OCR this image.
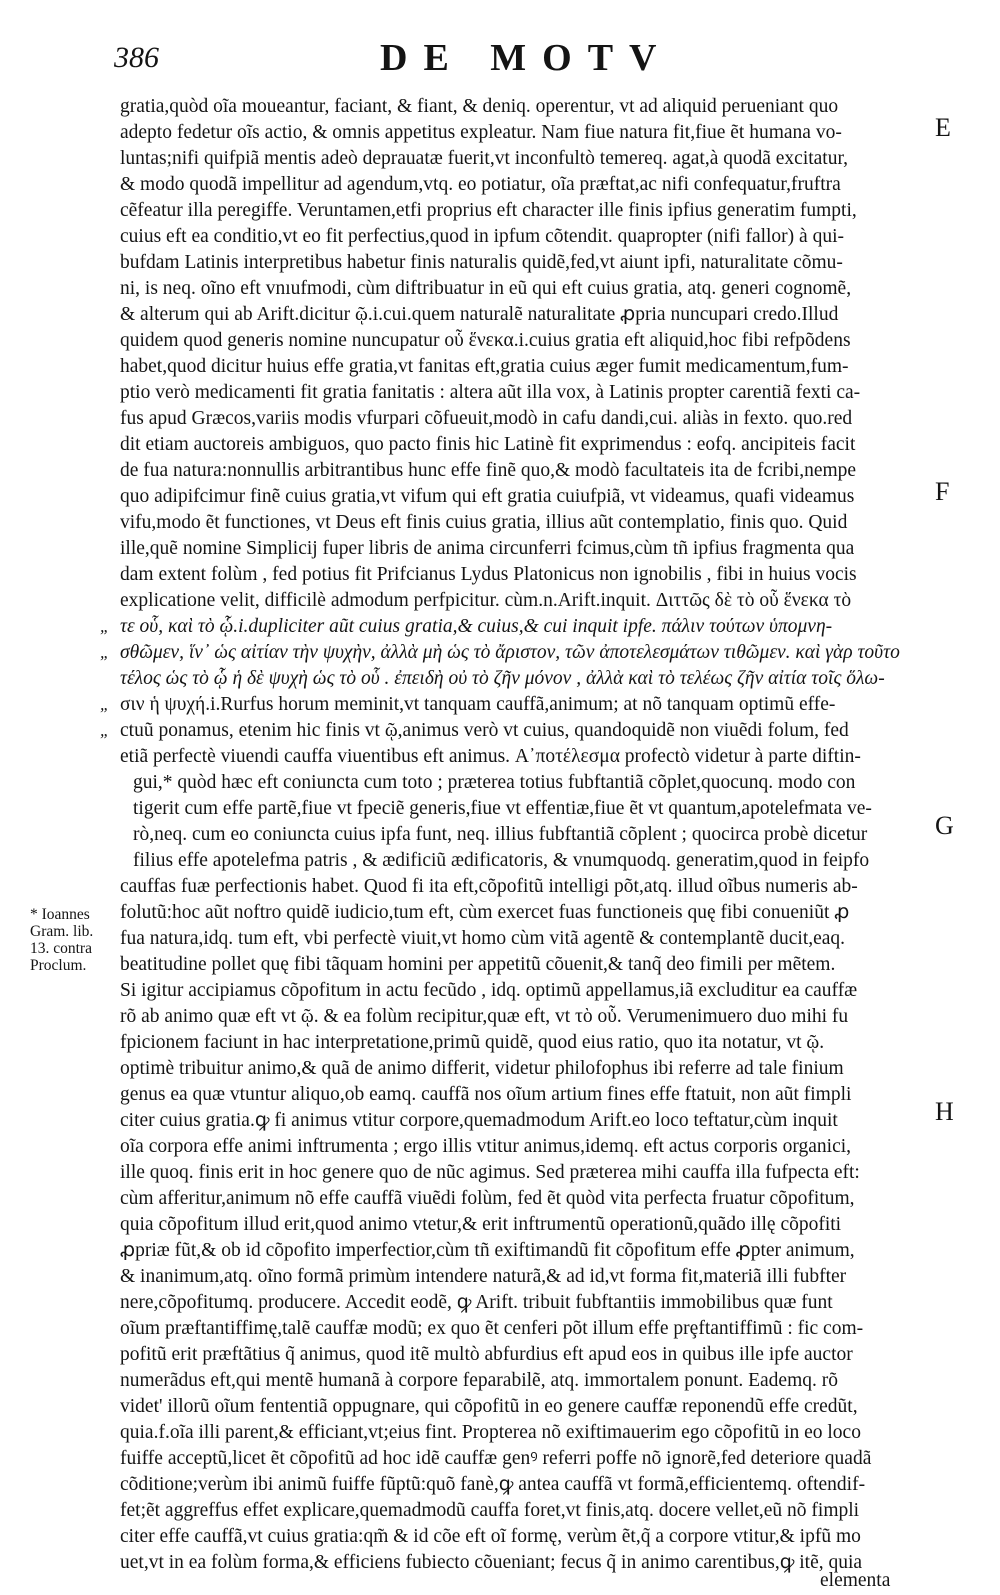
386	DE MOTV
gratia,quòd oĩa moueantur, faciant, & fiant, & deniq. operentur, vt ad aliquid perueniant quo
adepto fedetur oĩs actio, & omnis appetitus expleatur. Nam fiue natura fit,fiue ẽt humana vo-
luntas;nifi quifpiã mentis adeò deprauatæ fuerit,vt inconfultò temereq. agat,à quodã excitatur,
& modo quodã impellitur ad agendum,vtq. eo potiatur, oĩa præftat,ac nifi confequatur,fruftra
cẽfeatur illa peregiffe. Veruntamen,etfi proprius eft character ille finis ipfius generatim fumpti,
cuius eft ea conditio,vt eo fit perfectius,quod in ipfum cõtendit. quapropter (nifi fallor) à qui-
bufdam Latinis interpretibus habetur finis naturalis quidẽ,fed,vt aiunt ipfi, naturalitate cõmu-
ni, is neq. oĩno eft vnıufmodi, cùm diftribuatur in eũ qui eft cuius gratia, atq. generi cognomẽ,
& alterum qui ab Arift.dicitur ῷ.i.cui.quem naturalẽ naturalitate ꝓpria nuncupari credo.Illud
quidem quod generis nomine nuncupatur οὗ ἕνεκα.i.cuius gratia eft aliquid,hoc fibi refpõdens
habet,quod dicitur huius effe gratia,vt fanitas eft,gratia cuius æger fumit medicamentum,fum-
ptio verò medicamenti fit gratia fanitatis : altera aũt illa vox, à Latinis propter carentiã fexti ca-
fus apud Græcos,variis modis vfurpari cõfueuit,modò in cafu dandi,cui. aliàs in fexto. quo.red
dit etiam auctoreis ambiguos, quo pacto finis hic Latinè fit exprimendus : eofq. ancipiteis facit
de fua natura:nonnullis arbitrantibus hunc effe finẽ quo,& modò facultateis ita de fcribi,nempe
quo adipifcimur finẽ cuius gratia,vt vifum qui eft gratia cuiufpiã, vt videamus, quafi videamus
vifu,modo ẽt functiones, vt Deus eft finis cuius gratia, illius aũt contemplatio, finis quo. Quid
ille,quẽ nomine Simplicij fuper libris de anima circunferri fcimus,cùm tñ ipfius fragmenta qua
dam extent folùm , fed potius fit Prifcianus Lydus Platonicus non ignobilis , fibi in huius vocis
explicatione velit, difficilè admodum perfpicitur. cùm.n.Arift.inquit. Διττῶς δὲ τὸ οὗ ἕνεκα τὸ
τε οὗ, καὶ τὸ ᾧ.i.dupliciter aũt cuius gratia,& cuius,& cui inquit ipfe. πάλιν τούτων ὑπομνη-
σθῶμεν, ἵν᾽ ὡς αἰτίαν τὴν ψυχὴν, ἀλλὰ μὴ ὡς τὸ ἄριστον, τῶν ἀποτελεσμάτων τιθῶμεν. καὶ γὰρ τοῦτο
τέλος ὡς τὸ ᾧ ἡ δὲ ψυχὴ ὡς τὸ οὗ . ἐπειδὴ οὐ τὸ ζῆν μόνον , ἀλλὰ καὶ τὸ τελέως ζῆν αἰτία τοῖς ὅλω-
σιν ἡ ψυχή.i.Rurfus horum meminit,vt tanquam cauffã,animum; at nõ tanquam optimũ effe-
ctuũ ponamus, etenim hic finis vt ῷ,animus verò vt cuius, quandoquidẽ non viuẽdi folum, fed
etiã perfectè viuendi cauffa viuentibus eft animus. Α᾽ποτέλεσμα profectò videtur à parte diftin-
gui,* quòd hæc eft coniuncta cum toto ; præterea totius fubftantiã cõplet,quocunq. modo con
tigerit cum effe partẽ,fiue vt fpeciẽ generis,fiue vt effentiæ,fiue ẽt vt quantum,apotelefmata ve-
rò,neq. cum eo coniuncta cuius ipfa funt, neq. illius fubftantiã cõplent ; quocirca probè dicetur
filius effe apotelefma patris , & ædificiũ ædificatoris, & vnumquodq. generatim,quod in feipfo
cauffas fuæ perfectionis habet. Quod fi ita eft,cõpofitũ intelligi põt,atq. illud oĩbus numeris ab-
folutũ:hoc aũt noftro quidẽ iudicio,tum eft, cùm exercet fuas functioneis quę fibi conueniũt ꝓ
fua natura,idq. tum eft, vbi perfectè viuit,vt homo cùm vitã agentẽ & contemplantẽ ducit,eaq.
beatitudine pollet quę fibi tãquam homini per appetitũ cõuenit,& tanq̃ deo fimili per mẽtem.
Si igitur accipiamus cõpofitum in actu fecũdo , idq. optimũ appellamus,iã excluditur ea cauffæ
rõ ab animo quæ eft vt ῷ. & ea folùm recipitur,quæ eft, vt τὸ οὗ. Verumenimuero duo mihi fu
fpicionem faciunt in hac interpretatione,primũ quidẽ, quod eius ratio, quo ita notatur, vt ῷ.
optimè tribuitur animo,& quã de animo differit, videtur philofophus ibi referre ad tale finium
genus ea quæ vtuntur aliquo,ob eamq. cauffã nos oĩum artium fines effe ftatuit, non aũt fimpli
citer cuius gratia.ꝙ fi animus vtitur corpore,quemadmodum Arift.eo loco teftatur,cùm inquit
oĩa corpora effe animi inftrumenta ; ergo illis vtitur animus,idemq. eft actus corporis organici,
ille quoq. finis erit in hoc genere quo de nũc agimus. Sed præterea mihi cauffa illa fufpecta eft:
cùm afferitur,animum nõ effe cauffã viuẽdi folùm, fed ẽt quòd vita perfecta fruatur cõpofitum,
quia cõpofitum illud erit,quod animo vtetur,& erit inftrumentũ operationũ,quãdo illę cõpofiti
ꝓpriæ fũt,& ob id cõpofito imperfectior,cùm tñ exiftimandũ fit cõpofitum effe ꝓpter animum,
& inanimum,atq. oĩno formã primùm intendere naturã,& ad id,vt forma fit,materiã illi fubfter
nere,cõpofitumq. producere. Accedit eodẽ, ꝙ Arift. tribuit fubftantiis immobilibus quæ funt
oĩum præftantiffimę,talẽ cauffæ modũ; ex quo ẽt cenferi põt illum effe prȩftantiffimũ : fic com-
pofitũ erit præftãtius q̃ animus, quod itẽ multò abfurdius eft apud eos in quibus ille ipfe auctor
numerãdus eft,qui mentẽ humanã à corpore feparabilẽ, atq. immortalem ponunt. Eademq. rõ
videt' illorũ oĩum fententiã oppugnare, qui cõpofitũ in eo genere cauffæ reponendũ effe credũt,
quia.f.oĩa illi parent,& efficiant,vt;eius fint. Propterea nõ exiftimauerim ego cõpofitũ in eo loco
fuiffe acceptũ,licet ẽt cõpofitũ ad hoc idẽ cauffæ genꝰ referri poffe nõ ignorẽ,fed deteriore quadã
cõditione;verùm ibi animũ fuiffe fũptũ:quõ fanè,ꝙ antea cauffã vt formã,efficientemq. oftendif-
fet;ẽt aggreffus effet explicare,quemadmodũ cauffa foret,vt finis,atq. docere vellet,eũ nõ fimpli
citer effe cauffã,vt cuius gratia:qm̃ & id cõe eft oĩ formę, verùm ẽt,q̃ a corpore vtitur,& ipfũ mo
uet,vt in ea folùm forma,& efficiens fubiecto cõueniant; fecus q̃ in animo carentibus,ꝙ itẽ, quia
elementa
„
„
„
„
E
F
G
H
* Ioannes
Gram. lib.
13. contra
Proclum.
